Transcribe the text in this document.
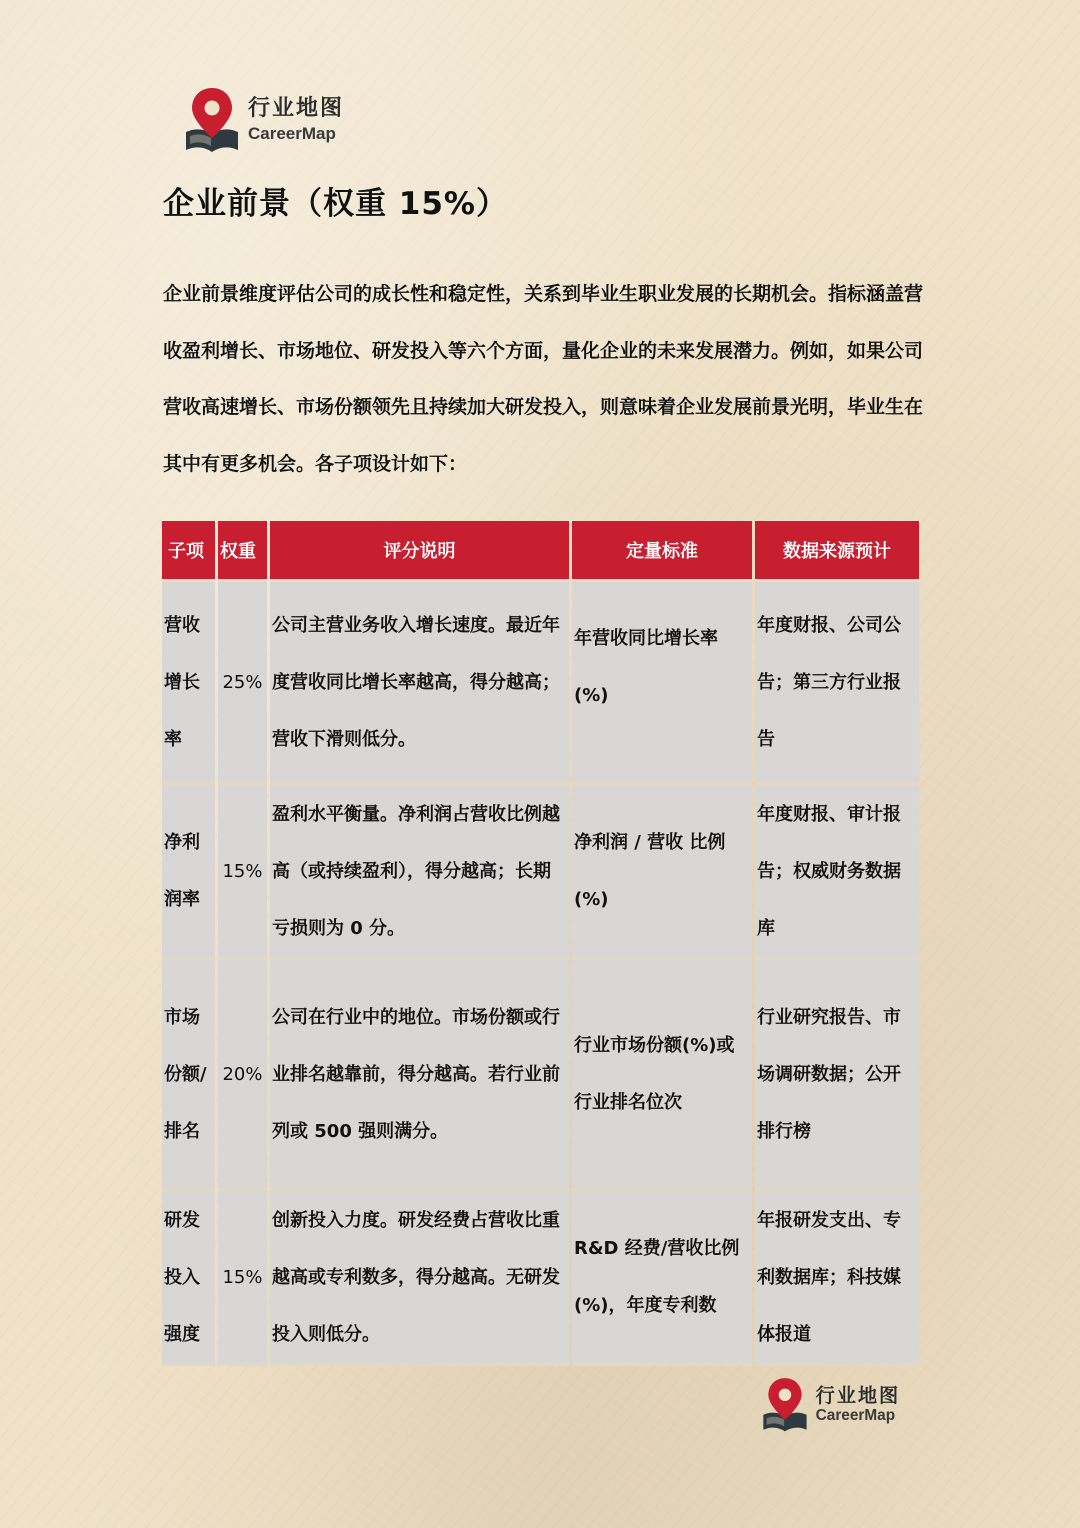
行业地图
CareerMap
企业前景（权重 15%）

企业前景维度评估公司的成长性和稳定性，关系到毕业生职业发展的长期机会。指标涵盖营收盈利增长、市场地位、研发投入等六个方面，量化企业的未来发展潜力。例如，如果公司营收高速增长、市场份额领先且持续加大研发投入，则意味着企业发展前景光明，毕业生在其中有更多机会。各子项设计如下：

子项	权重	评分说明	定量标准	数据来源预计
营收增长率	25%	公司主营业务收入增长速度。最近年度营收同比增长率越高，得分越高；营收下滑则低分。	年营收同比增长率(%)	年度财报、公司公告；第三方行业报告
净利润率	15%	盈利水平衡量。净利润占营收比例越高（或持续盈利），得分越高；长期亏损则为 0 分。	净利润 / 营收 比例(%)	年度财报、审计报告；权威财务数据库
市场份额/排名	20%	公司在行业中的地位。市场份额或行业排名越靠前，得分越高。若行业前列或 500 强则满分。	行业市场份额(%)或行业排名位次	行业研究报告、市场调研数据；公开排行榜
研发投入强度	15%	创新投入力度。研发经费占营收比重越高或专利数多，得分越高。无研发投入则低分。	R&D 经费/营收比例(%)，年度专利数	年报研发支出、专利数据库；科技媒体报道
行业地图
CareerMap
